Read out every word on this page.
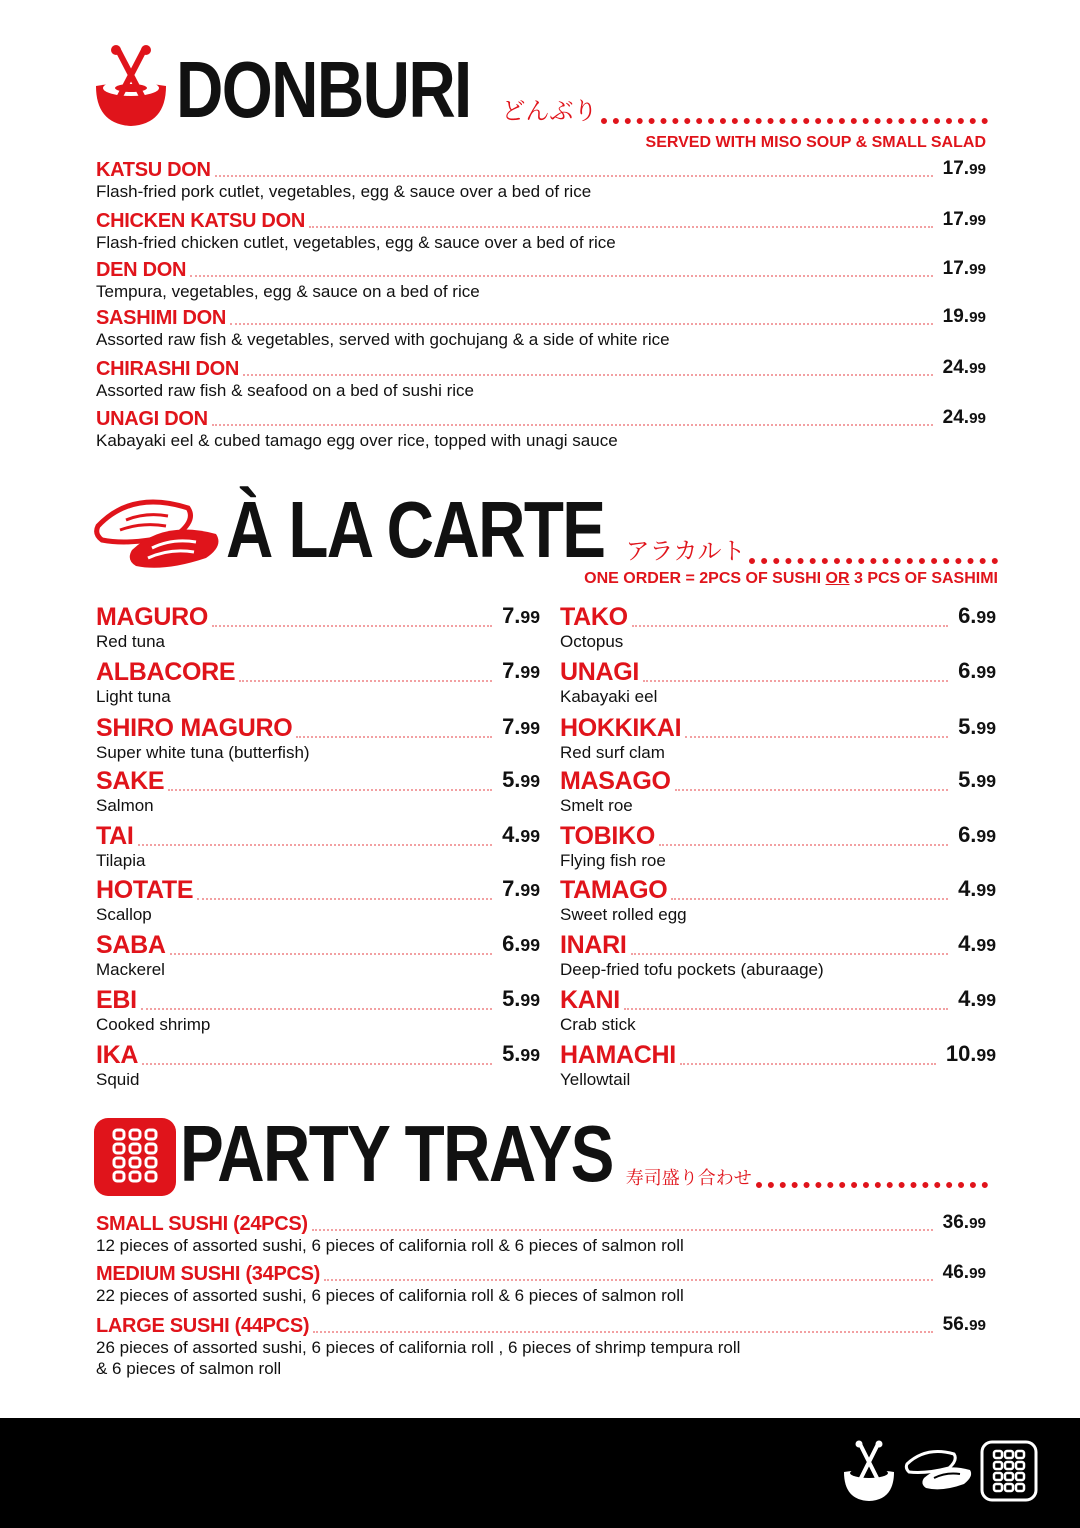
DONBURI どんぶり
SERVED WITH MISO SOUP & SMALL SALAD
KATSU DON	17.99
Flash-fried pork cutlet, vegetables, egg & sauce over a bed of rice
CHICKEN KATSU DON	17.99
Flash-fried chicken cutlet, vegetables, egg & sauce over a bed of rice
DEN DON	17.99
Tempura, vegetables, egg & sauce on a bed of rice
SASHIMI DON	19.99
Assorted raw fish & vegetables, served with gochujang & a side of white rice
CHIRASHI DON	24.99
Assorted raw fish & seafood on a bed of sushi rice
UNAGI DON	24.99
Kabayaki eel & cubed tamago egg over rice, topped with unagi sauce
À LA CARTE アラカルト
ONE ORDER = 2PCS OF SUSHI OR 3 PCS OF SASHIMI
MAGURO	7.99
Red tuna
ALBACORE	7.99
Light tuna
SHIRO MAGURO	7.99
Super white tuna (butterfish)
SAKE	5.99
Salmon
TAI	4.99
Tilapia
HOTATE	7.99
Scallop
SABA	6.99
Mackerel
EBI	5.99
Cooked shrimp
IKA	5.99
Squid
TAKO	6.99
Octopus
UNAGI	6.99
Kabayaki eel
HOKKIKAI	5.99
Red surf clam
MASAGO	5.99
Smelt roe
TOBIKO	6.99
Flying fish roe
TAMAGO	4.99
Sweet rolled egg
INARI	4.99
Deep-fried tofu pockets (aburaage)
KANI	4.99
Crab stick
HAMACHI	10.99
Yellowtail
PARTY TRAYS 寿司盛り合わせ
SMALL SUSHI (24PCS)	36.99
12 pieces of assorted sushi, 6 pieces of california roll & 6 pieces of salmon roll
MEDIUM SUSHI (34PCS)	46.99
22 pieces of assorted sushi, 6 pieces of california roll & 6 pieces of salmon roll
LARGE SUSHI (44PCS)	56.99
26 pieces of assorted sushi, 6 pieces of california roll , 6 pieces of shrimp tempura roll
& 6 pieces of salmon roll
